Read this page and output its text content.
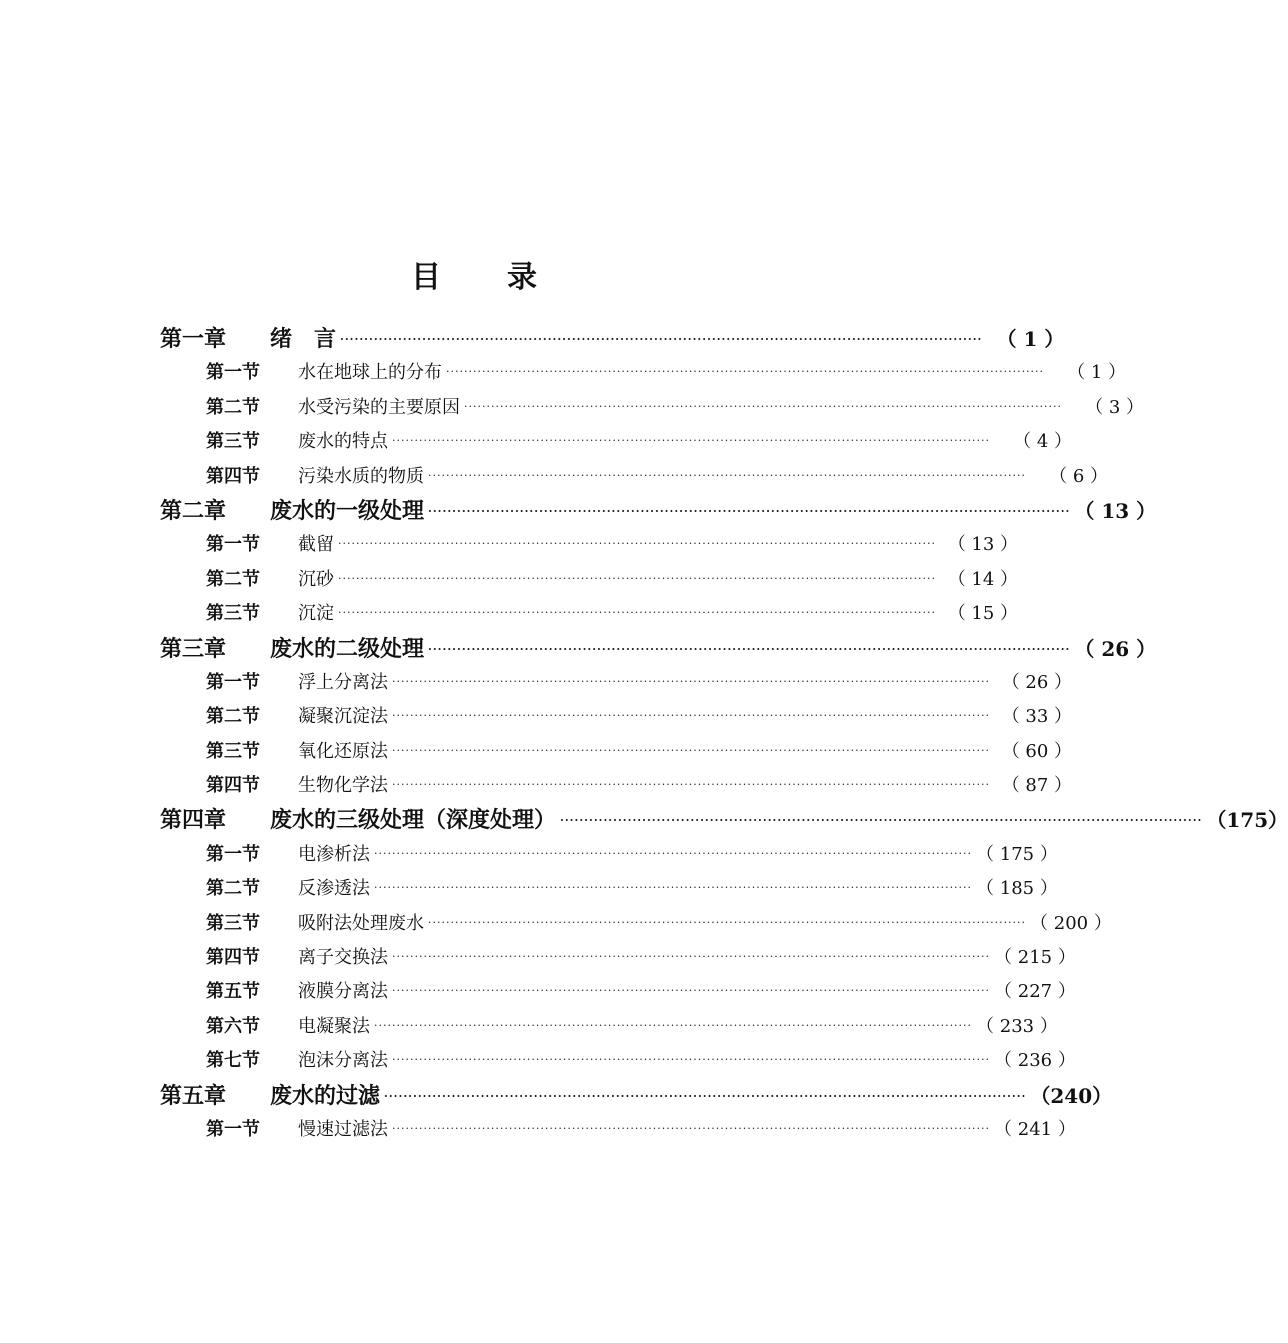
目 录
第一章	绪　言 ····································································································································· （ 1 ）
第一节	水在地球上的分布 ·····································································································································	（ 1 ）
第二节	水受污染的主要原因 ·····································································································································	（ 3 ）
第三节	废水的特点 ·····································································································································	（ 4 ）
第四节	污染水质的物质 ·····································································································································	（ 6 ）
第二章	废水的一级处理 ····································································································································· （ 13 ）
第一节	截留 ····································································································································· （ 13 ）
第二节	沉砂 ····································································································································· （ 14 ）
第三节	沉淀 ····································································································································· （ 15 ）
第三章	废水的二级处理 ····································································································································· （ 26 ）
第一节	浮上分离法 ····································································································································· （ 26 ）
第二节	凝聚沉淀法 ····································································································································· （ 33 ）
第三节	氧化还原法 ····································································································································· （ 60 ）
第四节	生物化学法 ····································································································································· （ 87 ）
第四章	废水的三级处理（深度处理） ····································································································································· （175）
第一节	电渗析法 ····································································································································· （ 175 ）
第二节	反渗透法 ····································································································································· （ 185 ）
第三节	吸附法处理废水 ····································································································································· （ 200 ）
第四节	离子交换法 ····································································································································· （ 215 ）
第五节	液膜分离法 ····································································································································· （ 227 ）
第六节	电凝聚法 ····································································································································· （ 233 ）
第七节	泡沫分离法 ····································································································································· （ 236 ）
第五章	废水的过滤 ····································································································································· （240）
第一节	慢速过滤法 ····································································································································· （ 241 ）
